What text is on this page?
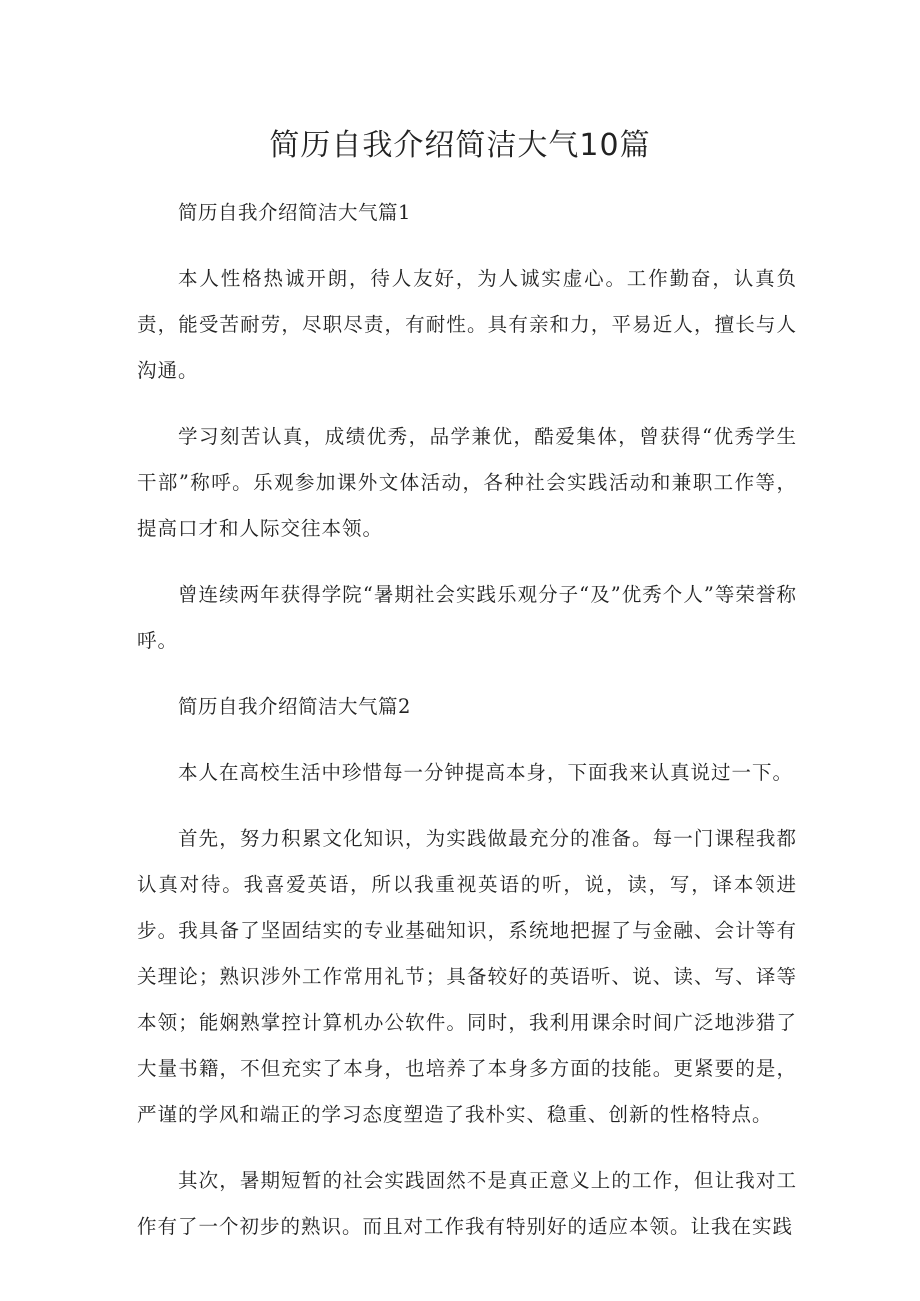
简历自我介绍简洁大气10篇

简历自我介绍简洁大气篇1

本人性格热诚开朗，待人友好，为人诚实虚心。工作勤奋，认真负责，能受苦耐劳，尽职尽责，有耐性。具有亲和力，平易近人，擅长与人沟通。

学习刻苦认真，成绩优秀，品学兼优，酷爱集体，曾获得“优秀学生干部”称呼。乐观参加课外文体活动，各种社会实践活动和兼职工作等，提高口才和人际交往本领。

曾连续两年获得学院“暑期社会实践乐观分子“及”优秀个人”等荣誉称呼。

简历自我介绍简洁大气篇2

本人在高校生活中珍惜每一分钟提高本身，下面我来认真说过一下。

首先，努力积累文化知识，为实践做最充分的准备。每一门课程我都认真对待。我喜爱英语，所以我重视英语的听，说，读，写，译本领进步。我具备了坚固结实的专业基础知识，系统地把握了与金融、会计等有关理论；熟识涉外工作常用礼节；具备较好的英语听、说、读、写、译等本领；能娴熟掌控计算机办公软件。同时，我利用课余时间广泛地涉猎了大量书籍，不但充实了本身，也培养了本身多方面的技能。更紧要的是，严谨的学风和端正的学习态度塑造了我朴实、稳重、创新的性格特点。

其次，暑期短暂的社会实践固然不是真正意义上的工作，但让我对工作有了一个初步的熟识。而且对工作我有特别好的适应本领。让我在实践
